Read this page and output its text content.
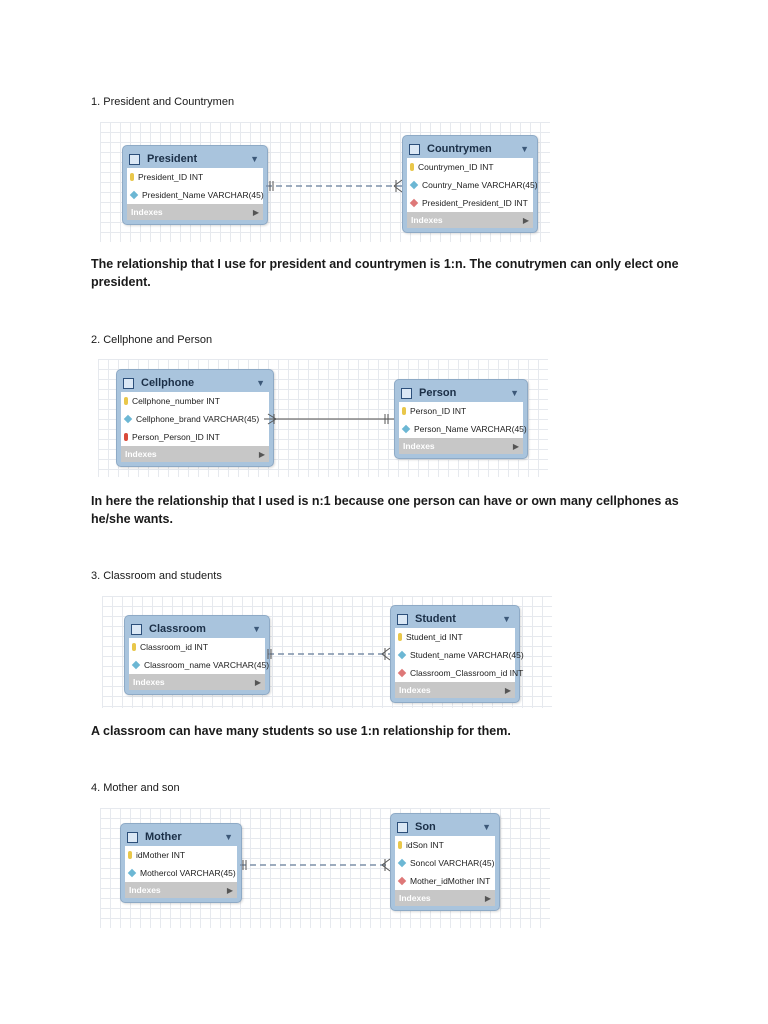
1. President and Countrymen
President	▼
President_ID INT
President_Name VARCHAR(45)
Indexes	▶
Countrymen	▼
Countrymen_ID INT
Country_Name VARCHAR(45)
President_President_ID INT
Indexes	▶
The relationship that I use for president and countrymen is 1:n. The conutrymen can only elect one president.
2. Cellphone and Person
Cellphone	▼
Cellphone_number INT
Cellphone_brand VARCHAR(45)
Person_Person_ID INT
Indexes	▶
Person	▼
Person_ID INT
Person_Name VARCHAR(45)
Indexes	▶
In here the relationship that I used is n:1 because one person can have or own many cellphones as he/she wants.
3. Classroom and students
Classroom	▼
Classroom_id INT
Classroom_name VARCHAR(45)
Indexes	▶
Student	▼
Student_id INT
Student_name VARCHAR(45)
Classroom_Classroom_id INT
Indexes	▶
A classroom can have many students so use 1:n relationship for them.
4. Mother and son
Mother	▼
idMother INT
Mothercol VARCHAR(45)
Indexes	▶
Son	▼
idSon INT
Soncol VARCHAR(45)
Mother_idMother INT
Indexes	▶
